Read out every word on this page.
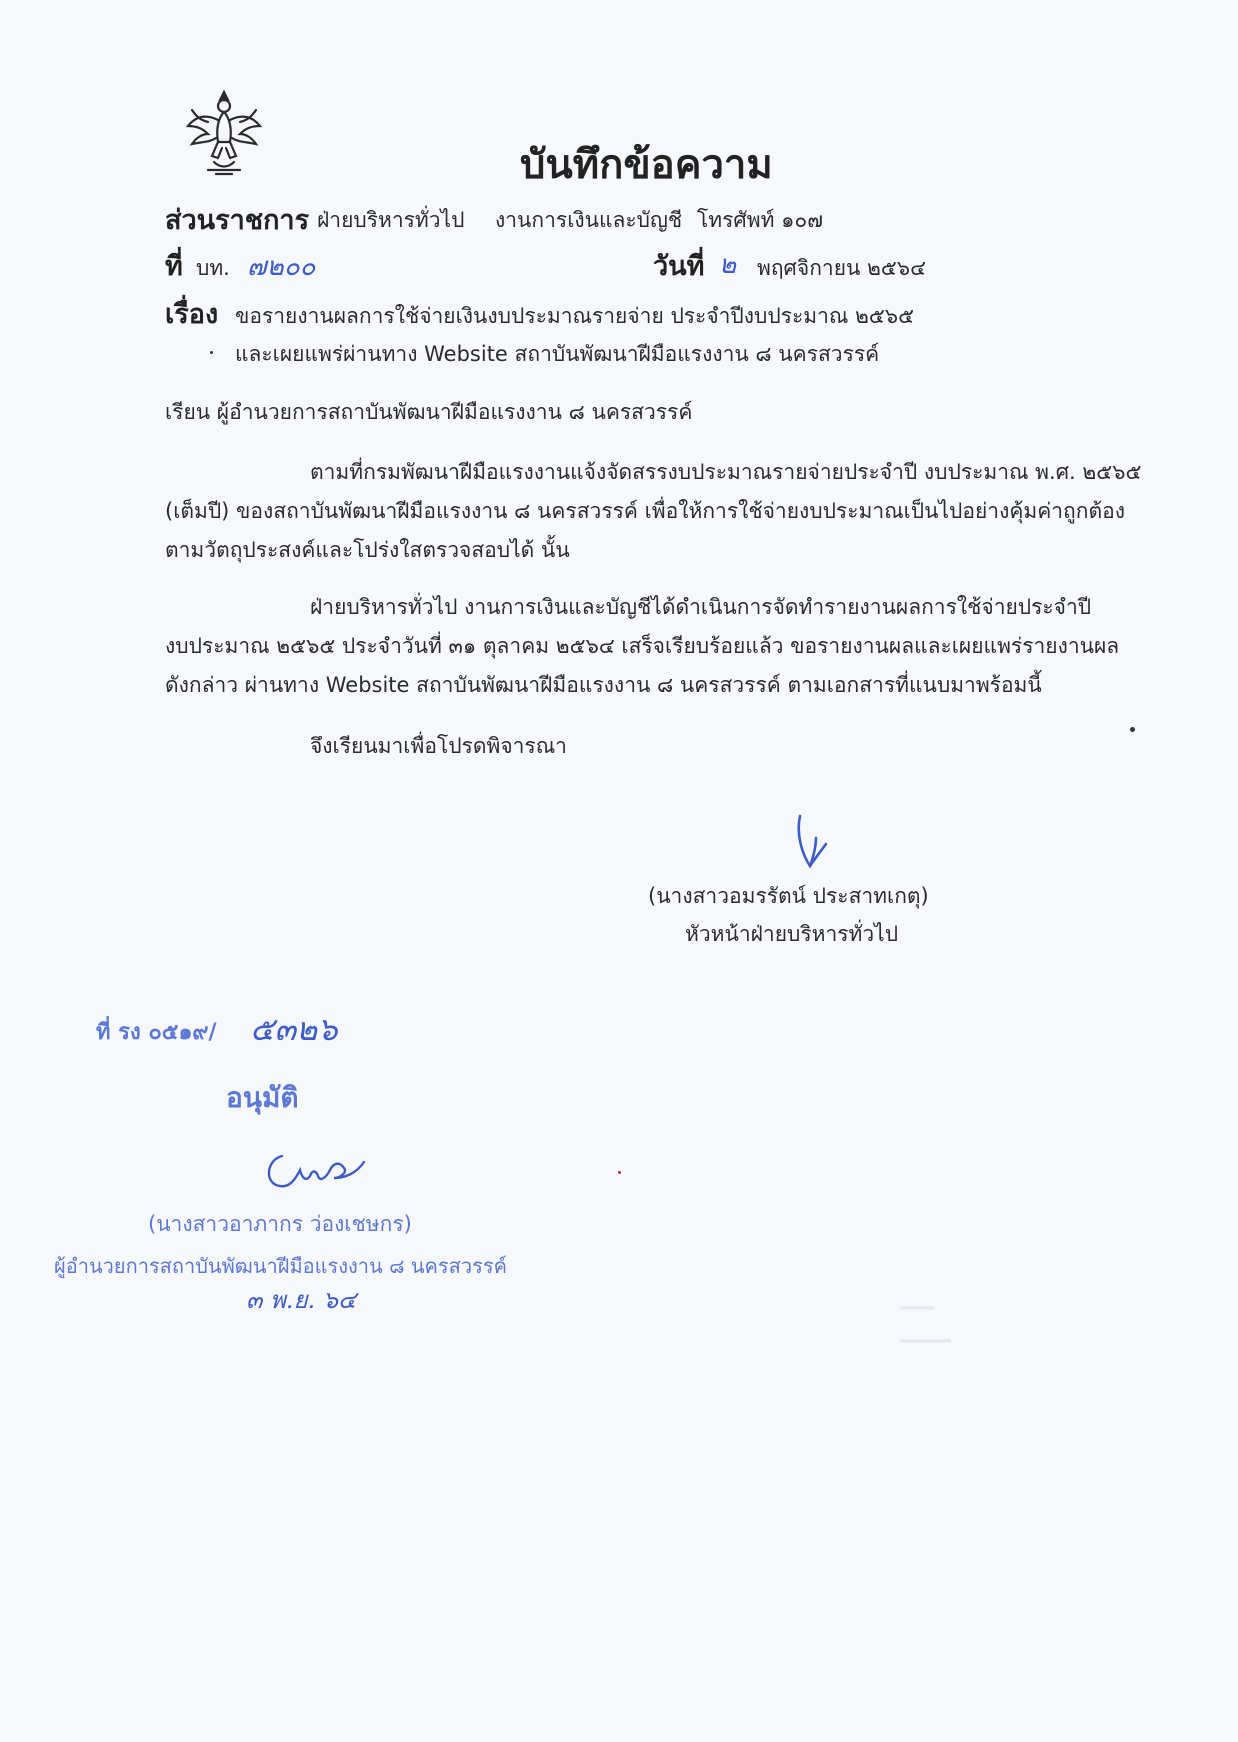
บันทึกข้อความ
ส่วนราชการ ฝ่ายบริหารทั่วไป งานการเงินและบัญชี โทรศัพท์ ๑๐๗
ที่ บท. ๗๒๐๐	วันที่ ๒ พฤศจิกายน ๒๕๖๔
เรื่อง ขอรายงานผลการใช้จ่ายเงินงบประมาณรายจ่าย ประจำปีงบประมาณ ๒๕๖๕
และเผยแพร่ผ่านทาง Website สถาบันพัฒนาฝีมือแรงงาน ๘ นครสวรรค์
เรียน ผู้อำนวยการสถาบันพัฒนาฝีมือแรงงาน ๘ นครสวรรค์
ตามที่กรมพัฒนาฝีมือแรงงานแจ้งจัดสรรงบประมาณรายจ่ายประจำปี งบประมาณ พ.ศ. ๒๕๖๕
(เต็มปี) ของสถาบันพัฒนาฝีมือแรงงาน ๘ นครสวรรค์ เพื่อให้การใช้จ่ายงบประมาณเป็นไปอย่างคุ้มค่าถูกต้อง
ตามวัตถุประสงค์และโปร่งใสตรวจสอบได้ นั้น
ฝ่ายบริหารทั่วไป งานการเงินและบัญชีได้ดำเนินการจัดทำรายงานผลการใช้จ่ายประจำปี
งบประมาณ ๒๕๖๕ ประจำวันที่ ๓๑ ตุลาคม ๒๕๖๔ เสร็จเรียบร้อยแล้ว ขอรายงานผลและเผยแพร่รายงานผล
ดังกล่าว ผ่านทาง Website สถาบันพัฒนาฝีมือแรงงาน ๘ นครสวรรค์ ตามเอกสารที่แนบมาพร้อมนี้
จึงเรียนมาเพื่อโปรดพิจารณา
(นางสาวอมรรัตน์ ประสาทเกตุ)
หัวหน้าฝ่ายบริหารทั่วไป
ที่ รง ๐๕๑๙/ ๕๓๒๖
อนุมัติ
(นางสาวอาภากร ว่องเชษกร)
ผู้อำนวยการสถาบันพัฒนาฝีมือแรงงาน ๘ นครสวรรค์
๓ พ.ย. ๖๔	▁▁
▁▁▁
